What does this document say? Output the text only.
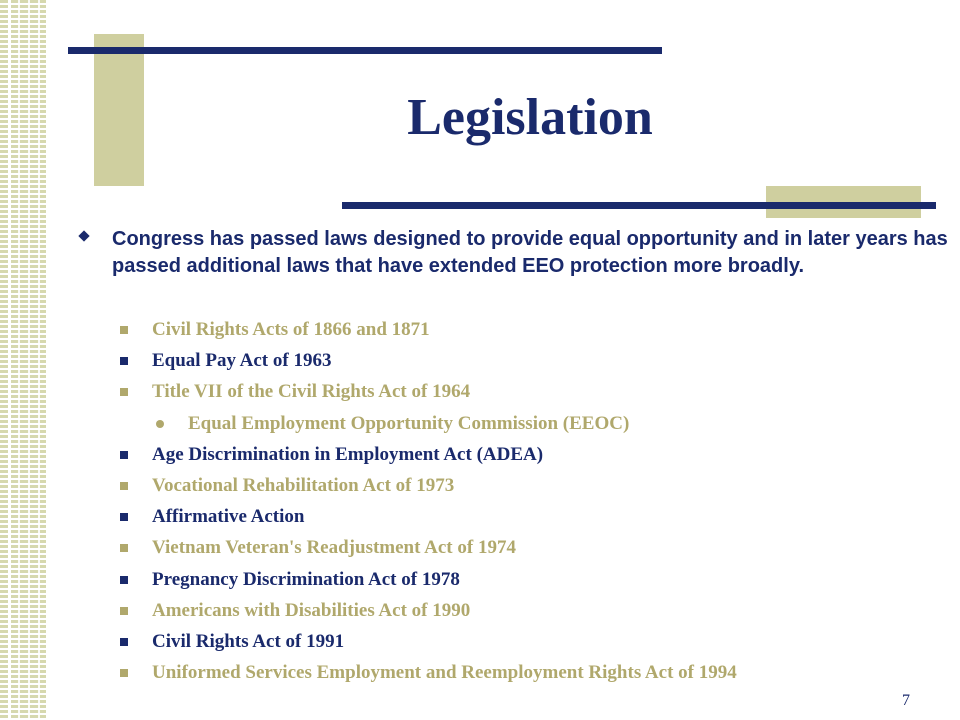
Legislation
Congress has passed laws designed to provide equal opportunity and in later years has passed additional laws that have extended EEO protection more broadly.
Civil Rights Acts of 1866 and 1871
Equal Pay Act of 1963
Title VII of the Civil Rights Act of 1964
Equal Employment Opportunity Commission (EEOC)
Age Discrimination in Employment Act (ADEA)
Vocational Rehabilitation Act of 1973
Affirmative Action
Vietnam Veteran's Readjustment Act of 1974
Pregnancy Discrimination Act of 1978
Americans with Disabilities Act of 1990
Civil Rights Act of 1991
Uniformed Services Employment and Reemployment Rights Act of 1994
7
